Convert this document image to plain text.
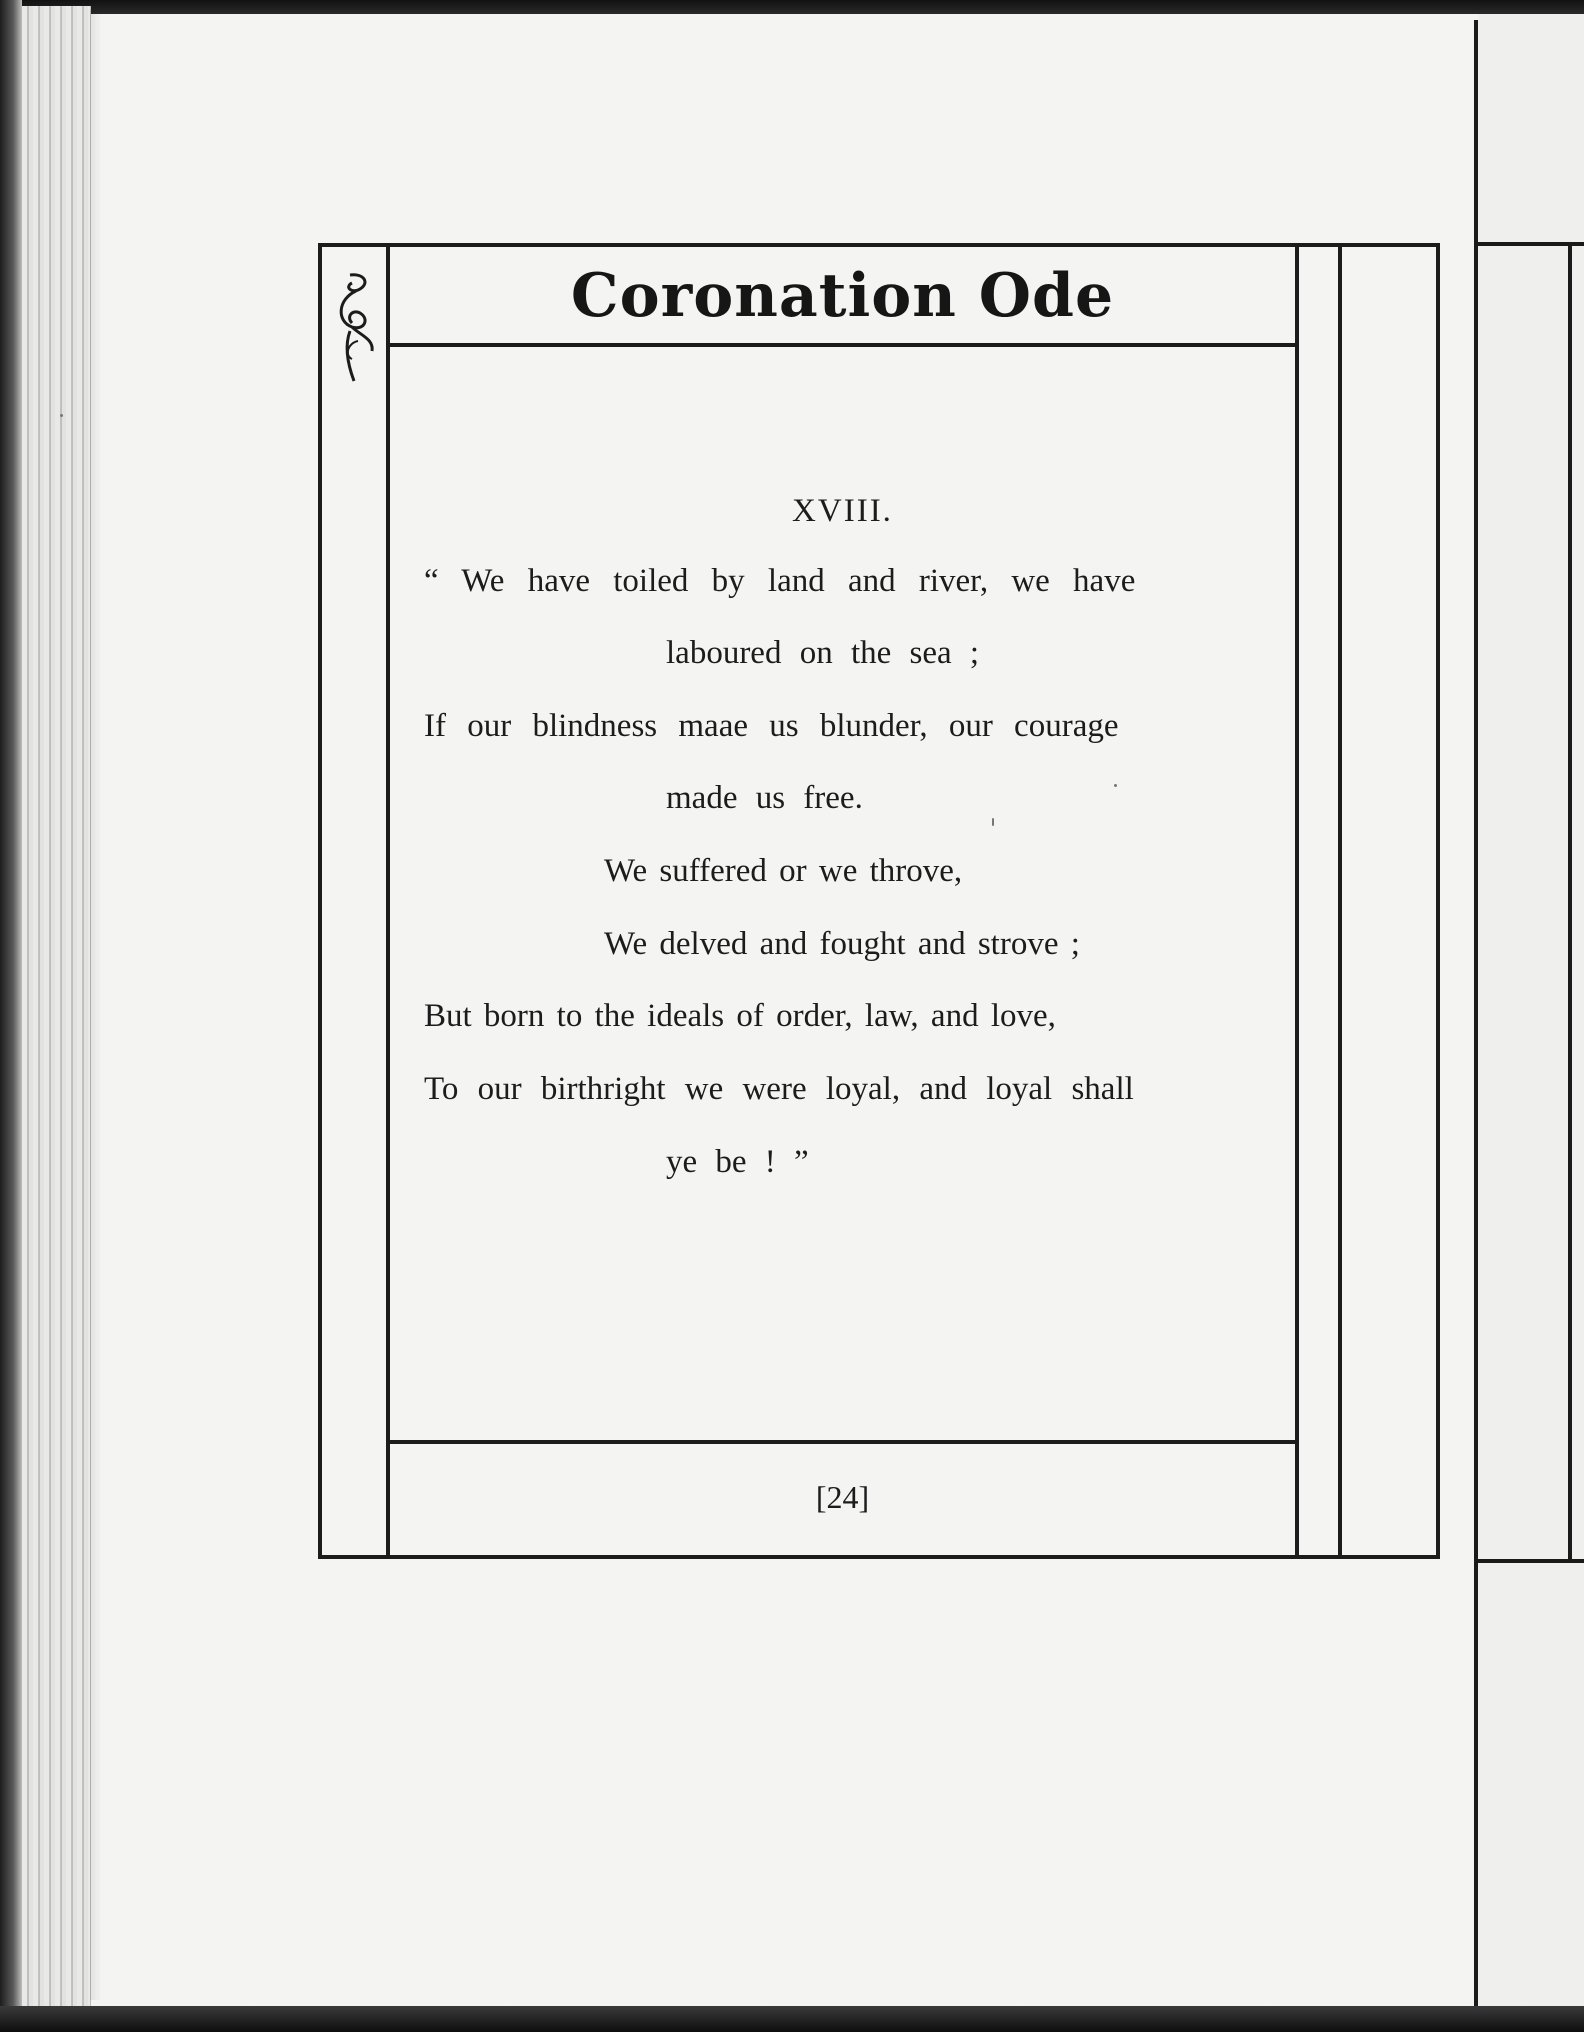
Coronation Ode
XVIII.
“ We have toiled by land and river, we have
laboured on the sea ;
If our blindness maae us blunder, our courage
made us free.
We suffered or we throve,
We delved and fought and strove ;
But born to the ideals of order, law, and love,
To our birthright we were loyal, and loyal shall
ye be ! ”
[24]
